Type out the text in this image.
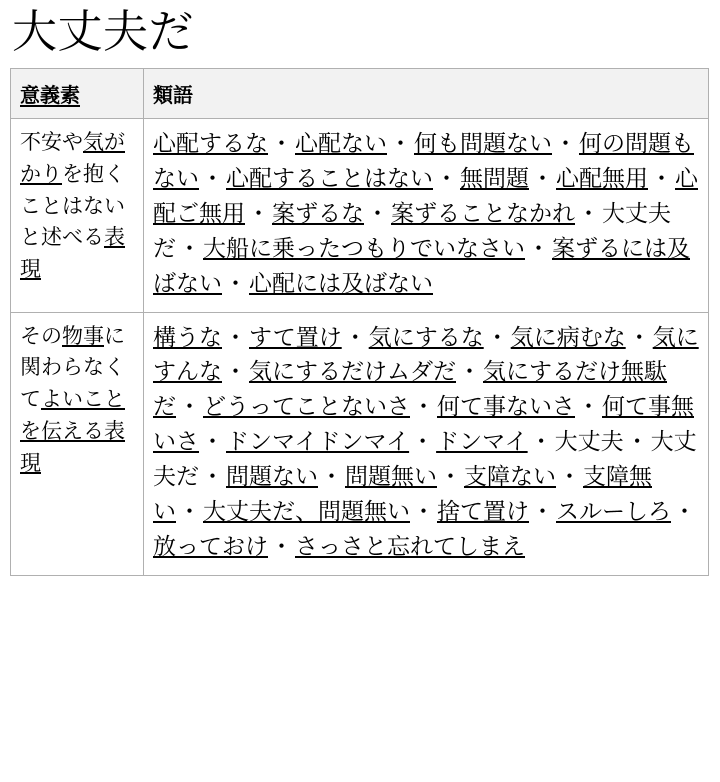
大丈夫だ
意義素	類語
不安や気がかりを抱くことはないと述べる表現	心配するな・心配ない・何も問題ない・何の問題もない・心配することはない・無問題・心配無用・心配ご無用・案ずるな・案ずることなかれ・大丈夫だ・大船に乗ったつもりでいなさい・案ずるには及ばない・心配には及ばない
その物事に関わらなくてよいことを伝える表現	構うな・すて置け・気にするな・気に病むな・気にすんな・気にするだけムダだ・気にするだけ無駄だ・どうってことないさ・何て事ないさ・何て事無いさ・ドンマイドンマイ・ドンマイ・大丈夫・大丈夫だ・問題ない・問題無い・支障ない・支障無い・大丈夫だ、問題無い・捨て置け・スルーしろ・放っておけ・さっさと忘れてしまえ
